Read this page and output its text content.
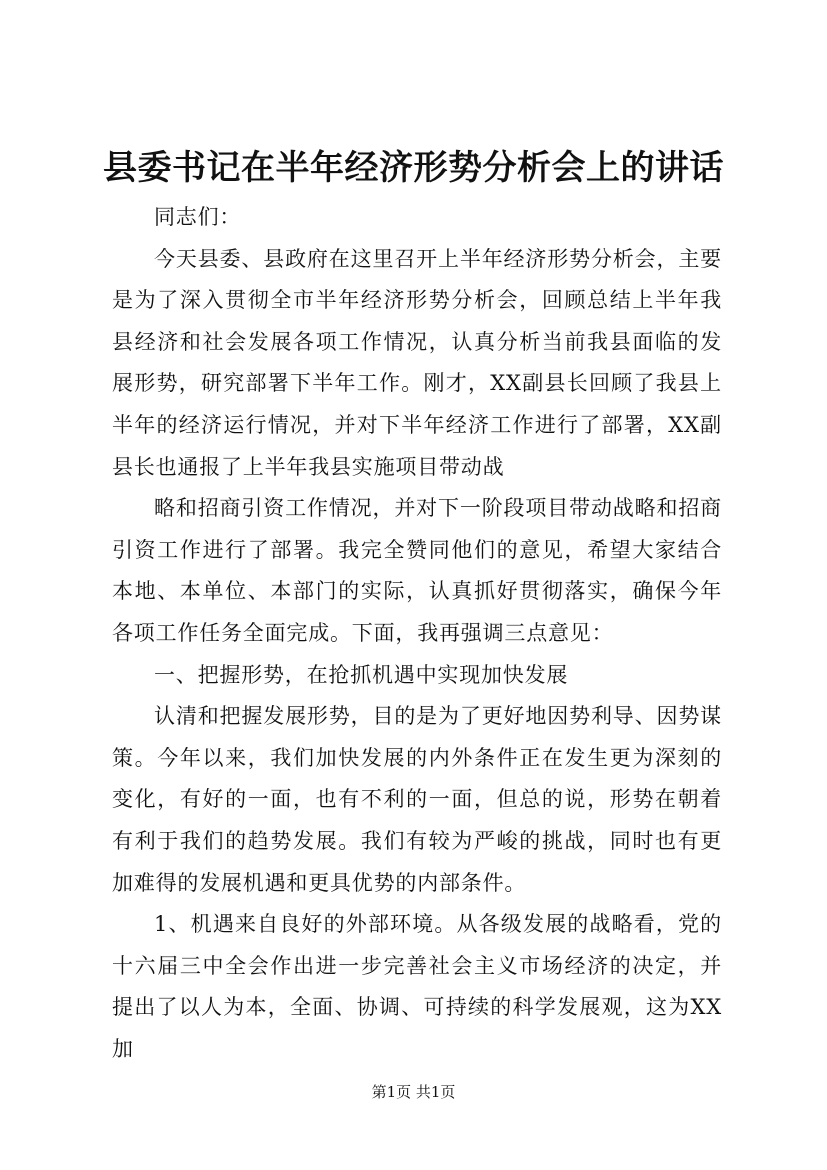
县委书记在半年经济形势分析会上的讲话

同志们：

今天县委、县政府在这里召开上半年经济形势分析会，主要是为了深入贯彻全市半年经济形势分析会，回顾总结上半年我县经济和社会发展各项工作情况，认真分析当前我县面临的发展形势，研究部署下半年工作。刚才，XX副县长回顾了我县上半年的经济运行情况，并对下半年经济工作进行了部署，XX副县长也通报了上半年我县实施项目带动战

略和招商引资工作情况，并对下一阶段项目带动战略和招商引资工作进行了部署。我完全赞同他们的意见，希望大家结合本地、本单位、本部门的实际，认真抓好贯彻落实，确保今年各项工作任务全面完成。下面，我再强调三点意见：

一、把握形势，在抢抓机遇中实现加快发展

认清和把握发展形势，目的是为了更好地因势利导、因势谋策。今年以来，我们加快发展的内外条件正在发生更为深刻的变化，有好的一面，也有不利的一面，但总的说，形势在朝着有利于我们的趋势发展。我们有较为严峻的挑战，同时也有更加难得的发展机遇和更具优势的内部条件。

1、机遇来自良好的外部环境。从各级发展的战略看，党的十六届三中全会作出进一步完善社会主义市场经济的决定，并提出了以人为本，全面、协调、可持续的科学发展观，这为XX加

第1页 共1页
